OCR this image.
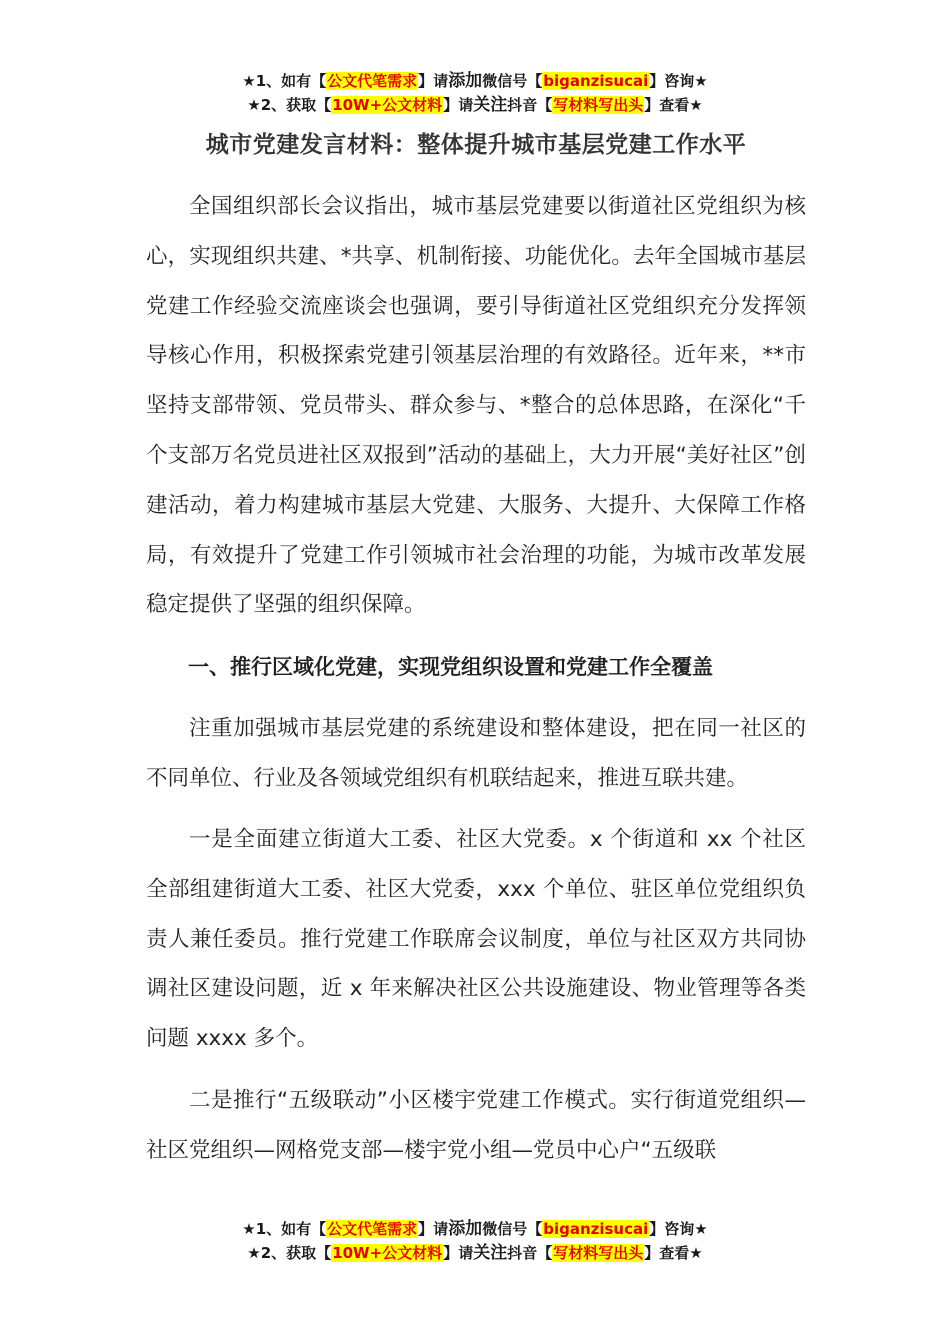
★1、如有【公文代笔需求】请添加微信号【biganzisucai】咨询★
★2、获取【10W+公文材料】请关注抖音【写材料写出头】查看★
城市党建发言材料：整体提升城市基层党建工作水平

全国组织部长会议指出，城市基层党建要以街道社区党组织为核心，实现组织共建、*共享、机制衔接、功能优化。去年全国城市基层党建工作经验交流座谈会也强调，要引导街道社区党组织充分发挥领导核心作用，积极探索党建引领基层治理的有效路径。近年来，**市坚持支部带领、党员带头、群众参与、*整合的总体思路，在深化“千个支部万名党员进社区双报到”活动的基础上，大力开展“美好社区”创建活动，着力构建城市基层大党建、大服务、大提升、大保障工作格局，有效提升了党建工作引领城市社会治理的功能，为城市改革发展稳定提供了坚强的组织保障。

一、推行区域化党建，实现党组织设置和党建工作全覆盖

注重加强城市基层党建的系统建设和整体建设，把在同一社区的不同单位、行业及各领域党组织有机联结起来，推进互联共建。

一是全面建立街道大工委、社区大党委。x 个街道和 xx 个社区全部组建街道大工委、社区大党委，xxx 个单位、驻区单位党组织负责人兼任委员。推行党建工作联席会议制度，单位与社区双方共同协调社区建设问题，近 x 年来解决社区公共设施建设、物业管理等各类问题 xxxx 多个。

二是推行“五级联动”小区楼宇党建工作模式。实行街道党组织—社区党组织—网格党支部—楼宇党小组—党员中心户“五级联

★1、如有【公文代笔需求】请添加微信号【biganzisucai】咨询★
★2、获取【10W+公文材料】请关注抖音【写材料写出头】查看★
